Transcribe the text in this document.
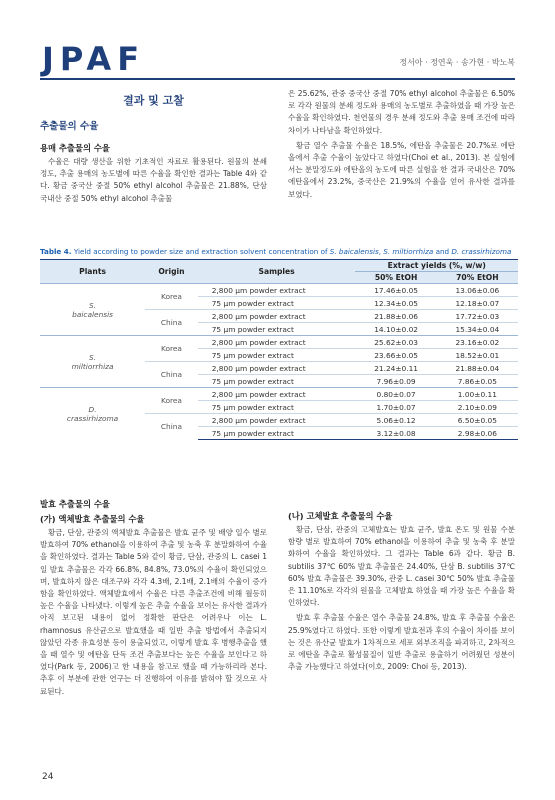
JPAF	정서아 · 정연욱 · 송가현 · 박노복
결과 및 고찰
추출물의 수율
용매 추출물의 수율

수율은 대량 생산을 위한 기초적인 자료로 활용된다. 원물의 분쇄 정도, 추출 용매의 농도별에 따른 수율을 확인한 결과는 Table 4와 같다. 황금 중국산 중절 50% ethyl alcohol 추출물은 21.88%, 단삼 국내산 중절 50% ethyl alcohol 추출물

은 25.62%, 관중 중국산 중절 70% ethyl alcohol 추출물은 6.50%로 각각 원물의 분쇄 정도와 용매의 농도별로 추출하였을 때 가장 높은 수율을 확인하였다. 천연물의 경우 분쇄 정도와 추출 용매 조건에 따라 차이가 나타남을 확인하였다.

황금 열수 추출물 수율은 18.5%, 에탄올 추출물은 20.7%로 에탄올에서 추출 수율이 높았다고 하였다(Choi et al., 2013). 본 실험에서는 분말정도와 에탄올의 농도에 따른 실험을 한 결과 국내산은 70% 에탄올에서 23.2%, 중국산은 21.9%의 수율을 얻어 유사한 결과를 보였다.

Table 4. Yield according to powder size and extraction solvent concentration of S. baicalensis, S. miltiorrhiza and D. crassirhizoma
Plants	Origin	Samples	Extract yields (%, w/w)	
			50% EtOH	70% EtOH

S.
baicalensis	Korea	2,800 μm powder extract	17.46±0.05	13.06±0.06
		75 μm powder extract	12.34±0.05	12.18±0.07
	China	2,800 μm powder extract	21.88±0.06	17.72±0.03
		75 μm powder extract	14.10±0.02	15.34±0.04

S.
miltiorrhiza	Korea	2,800 μm powder extract	25.62±0.03	23.16±0.02
		75 μm powder extract	23.66±0.05	18.52±0.01
	China	2,800 μm powder extract	21.24±0.11	21.88±0.04
		75 μm powder extract	7.96±0.09	7.86±0.05

D.
crassirhizoma	Korea	2,800 μm powder extract	0.80±0.07	1.00±0.11
		75 μm powder extract	1.70±0.07	2.10±0.09
	China	2,800 μm powder extract	5.06±0.12	6.50±0.05
		75 μm powder extract	3.12±0.08	2.98±0.06
발효 추출물의 수율
(가) 액체발효 추출물의 수율

황금, 단삼, 관중의 액체발효 추출물은 발효 균주 및 배양 일수 별로 발효하여 70% ethanol을 이용하여 추출 및 농축 후 분말화하여 수율을 확인하였다. 결과는 Table 5와 같이 황금, 단삼, 관중의 L. casei 1일 발효 추출물은 각각 66.8%, 84.8%, 73.0%의 수율이 확인되었으며, 발효하지 않은 대조구와 각각 4.3배, 2.1배, 2.1배의 수율이 증가함을 확인하였다. 액체발효에서 수율은 다른 추출조건에 비해 월등히 높은 수율을 나타냈다. 이렇게 높은 추출 수율을 보이는 유사한 결과가 아직 보고된 내용이 없어 정확한 판단은 어려우나 이는 L. rhamnosus 유산균으로 발효했을 때 일반 추출 방법에서 추출되지 않았던 각종 유효성분 등이 용출되었고, 이렇게 발효 후 병행추출을 했을 때 열수 및 에탄올 단독 조건 추출보다는 높은 수율을 보인다고 하였다(Park 등, 2006)고 한 내용을 참고로 했을 때 가능하리라 본다. 추후 이 부분에 관한 연구는 더 진행하여 이유를 밝혀야 할 것으로 사료된다.

(나) 고체발효 추출물의 수율

황금, 단삼, 관중의 고체발효는 발효 균주, 발효 온도 및 원물 수분 함량 별로 발효하여 70% ethanol을 이용하여 추출 및 농축 후 분말화하여 수율을 확인하였다. 그 결과는 Table 6과 같다. 황금 B. subtilis 37℃ 60% 발효 추출물은 24.40%, 단삼 B. subtilis 37℃ 60% 발효 추출물은 39.30%, 관중 L. casei 30℃ 50% 발효 추출물은 11.10%로 각각의 원물을 고체발효 하였을 때 가장 높은 수율을 확인하였다.

발효 후 추출물 수율은 열수 추출물 24.8%, 발효 후 추출물 수율은 25.9%였다고 하였다. 또한 이렇게 발효전과 후의 수율이 차이를 보이는 것은 유산균 발효가 1차적으로 세포 외부조직을 파괴하고, 2차적으로 에탄올 추출로 활성물질이 일반 추출로 용출하기 어려웠던 성분이 추출 가능했다고 하였다(이호, 2009: Choi 등, 2013).

24
